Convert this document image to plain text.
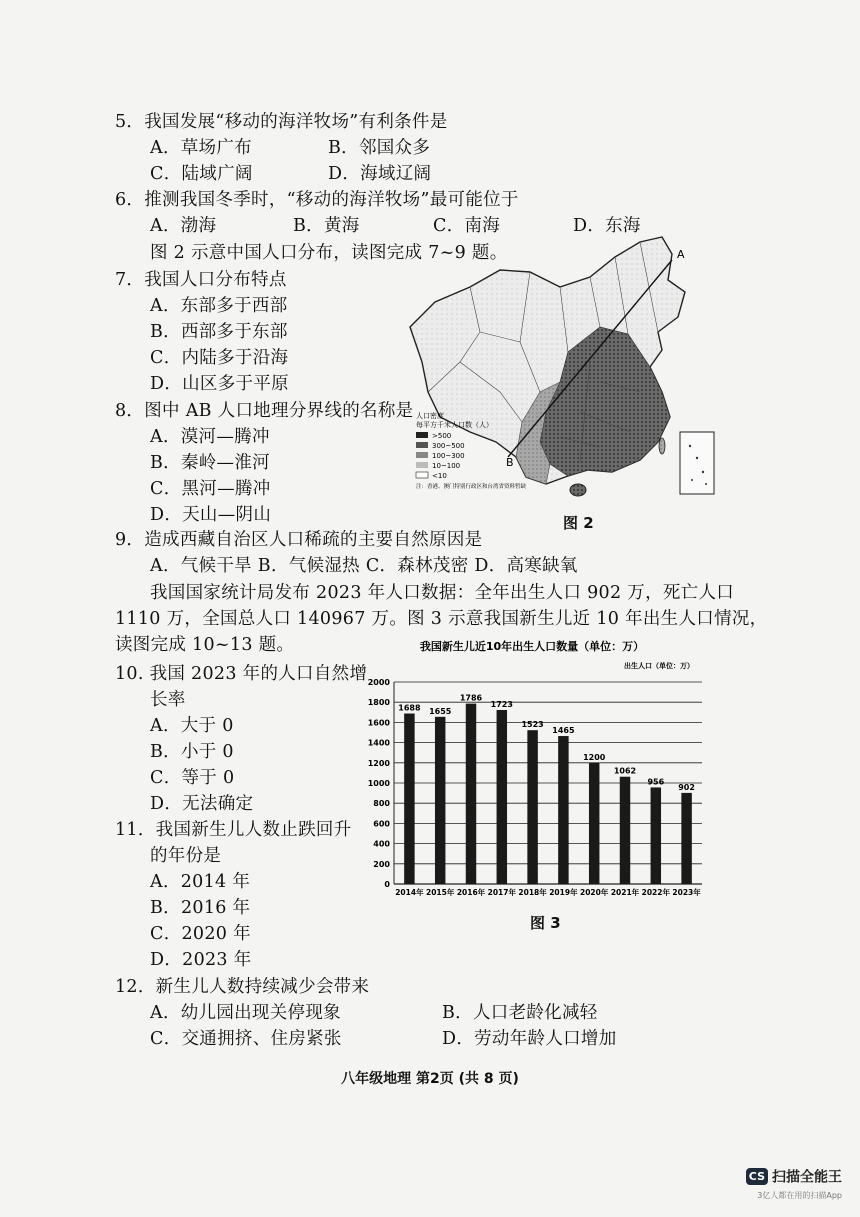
5．我国发展“移动的海洋牧场”有利条件是
A．草场广布	B．邻国众多
C．陆域广阔	D．海域辽阔
6．推测我国冬季时，“移动的海洋牧场”最可能位于
A．渤海	B．黄海	C．南海	D．东海
图 2 示意中国人口分布，读图完成 7~9 题。
7．我国人口分布特点
A．东部多于西部
B．西部多于东部
C．内陆多于沿海
D．山区多于平原
8．图中 AB 人口地理分界线的名称是
A．漠河—腾冲
B．秦岭—淮河
C．黑河—腾冲
D．天山—阴山
A
B
人口密度
每平方千米人口数（人）
>500
300~500
100~300
10~100
<10
注：香港、澳门特别行政区和台湾省资料暂缺
图 2
9．造成西藏自治区人口稀疏的主要自然原因是
A．气候干旱 B．气候湿热 C．森林茂密 D．高寒缺氧
我国国家统计局发布 2023 年人口数据：全年出生人口 902 万，死亡人口
1110 万，全国总人口 140967 万。图 3 示意我国新生儿近 10 年出生人口情况，
读图完成 10~13 题。
10. 我国 2023 年的人口自然增
长率
A．大于 0
B．小于 0
C．等于 0
D．无法确定
11．我国新生儿人数止跌回升
的年份是
A．2014 年
B．2016 年
C．2020 年
D．2023 年
我国新生儿近10年出生人口数量（单位：万）
出生人口（单位：万）
1688 1655
1786
1723
1523
1465
1200
1062
956
902
0
200
400
600
800
1000
1200
1400
1600
1800
2000
2014年 2015年 2016年 2017年 2018年 2019年 2020年 2021年 2022年 2023年
图 3
12．新生儿人数持续减少会带来
A．幼儿园出现关停现象	B．人口老龄化减轻
C．交通拥挤、住房紧张	D．劳动年龄人口增加
八年级地理 第2页 (共 8 页)
CS 扫描全能王
3亿人都在用的扫描App
